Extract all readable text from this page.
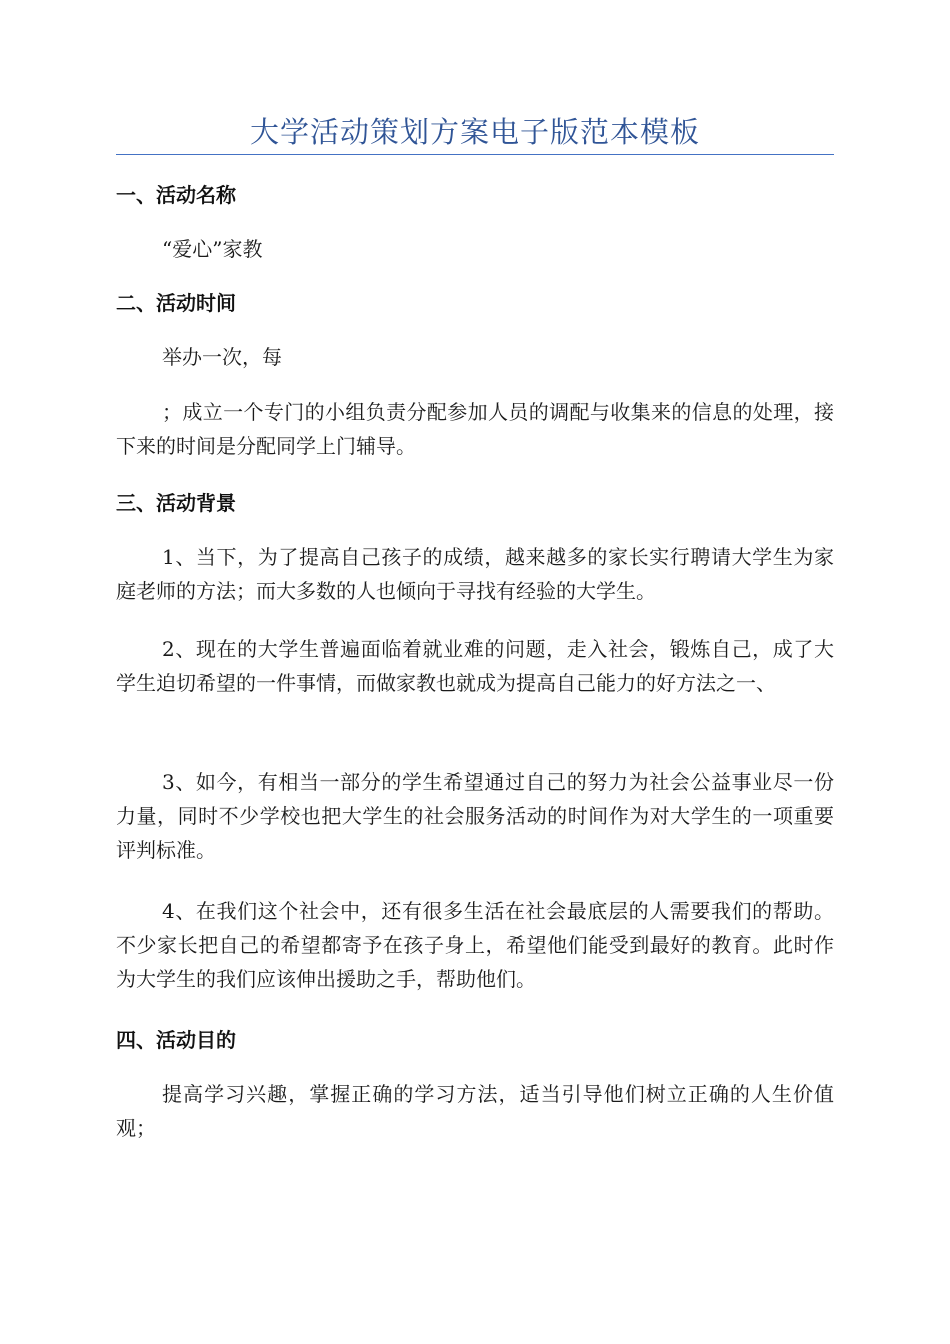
大学活动策划方案电子版范本模板
一、活动名称
“爱心”家教
二、活动时间
举办一次，每
；成立一个专门的小组负责分配参加人员的调配与收集来的信息的处理，接下来的时间是分配同学上门辅导。
三、活动背景
1、当下，为了提高自己孩子的成绩，越来越多的家长实行聘请大学生为家庭老师的方法；而大多数的人也倾向于寻找有经验的大学生。
2、现在的大学生普遍面临着就业难的问题，走入社会，锻炼自己，成了大学生迫切希望的一件事情，而做家教也就成为提高自己能力的好方法之一、
3、如今，有相当一部分的学生希望通过自己的努力为社会公益事业尽一份力量，同时不少学校也把大学生的社会服务活动的时间作为对大学生的一项重要评判标准。
4、在我们这个社会中，还有很多生活在社会最底层的人需要我们的帮助。不少家长把自己的希望都寄予在孩子身上，希望他们能受到最好的教育。此时作为大学生的我们应该伸出援助之手，帮助他们。
四、活动目的
提高学习兴趣，掌握正确的学习方法，适当引导他们树立正确的人生价值观；
